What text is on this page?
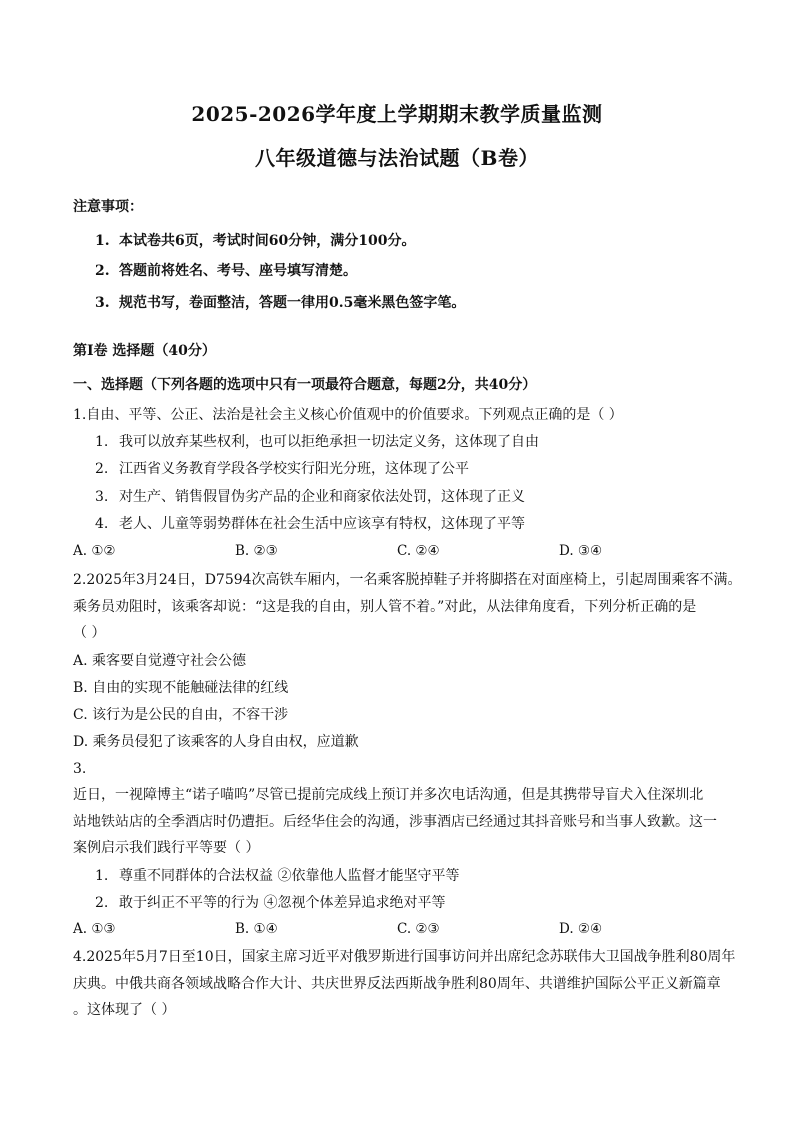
2025-2026学年度上学期期末教学质量监测
八年级道德与法治试题（B卷）
注意事项：
1. 本试卷共6页，考试时间60分钟，满分100分。
2. 答题前将姓名、考号、座号填写清楚。
3. 规范书写，卷面整洁，答题一律用0.5毫米黑色签字笔。
第Ⅰ卷 选择题（40分）
一、选择题（下列各题的选项中只有一项最符合题意，每题2分，共40分）
1.自由、平等、公正、法治是社会主义核心价值观中的价值要求。下列观点正确的是（ ）
1. 我可以放弃某些权利，也可以拒绝承担一切法定义务，这体现了自由
2. 江西省义务教育学段各学校实行阳光分班，这体现了公平
3. 对生产、销售假冒伪劣产品的企业和商家依法处罚，这体现了正义
4. 老人、儿童等弱势群体在社会生活中应该享有特权，这体现了平等
A. ①②	B. ②③	C. ②④	D. ③④
2.2025年3月24日，D7594次高铁车厢内，一名乘客脱掉鞋子并将脚搭在对面座椅上，引起周围乘客不满。
乘务员劝阻时，该乘客却说：“这是我的自由，别人管不着。”对此，从法律角度看，下列分析正确的是
（ ）
A. 乘客要自觉遵守社会公德
B. 自由的实现不能触碰法律的红线
C. 该行为是公民的自由，不容干涉
D. 乘务员侵犯了该乘客的人身自由权，应道歉
3.
近日，一视障博主“诺子喵呜”尽管已提前完成线上预订并多次电话沟通，但是其携带导盲犬入住深圳北
站地铁站店的全季酒店时仍遭拒。后经华住会的沟通，涉事酒店已经通过其抖音账号和当事人致歉。这一
案例启示我们践行平等要（ ）
1. 尊重不同群体的合法权益 ②依靠他人监督才能坚守平等
2. 敢于纠正不平等的行为 ④忽视个体差异追求绝对平等
A. ①③	B. ①④	C. ②③	D. ②④
4.2025年5月7日至10日，国家主席习近平对俄罗斯进行国事访问并出席纪念苏联伟大卫国战争胜利80周年
庆典。中俄共商各领域战略合作大计、共庆世界反法西斯战争胜利80周年、共谱维护国际公平正义新篇章
。这体现了（ ）
